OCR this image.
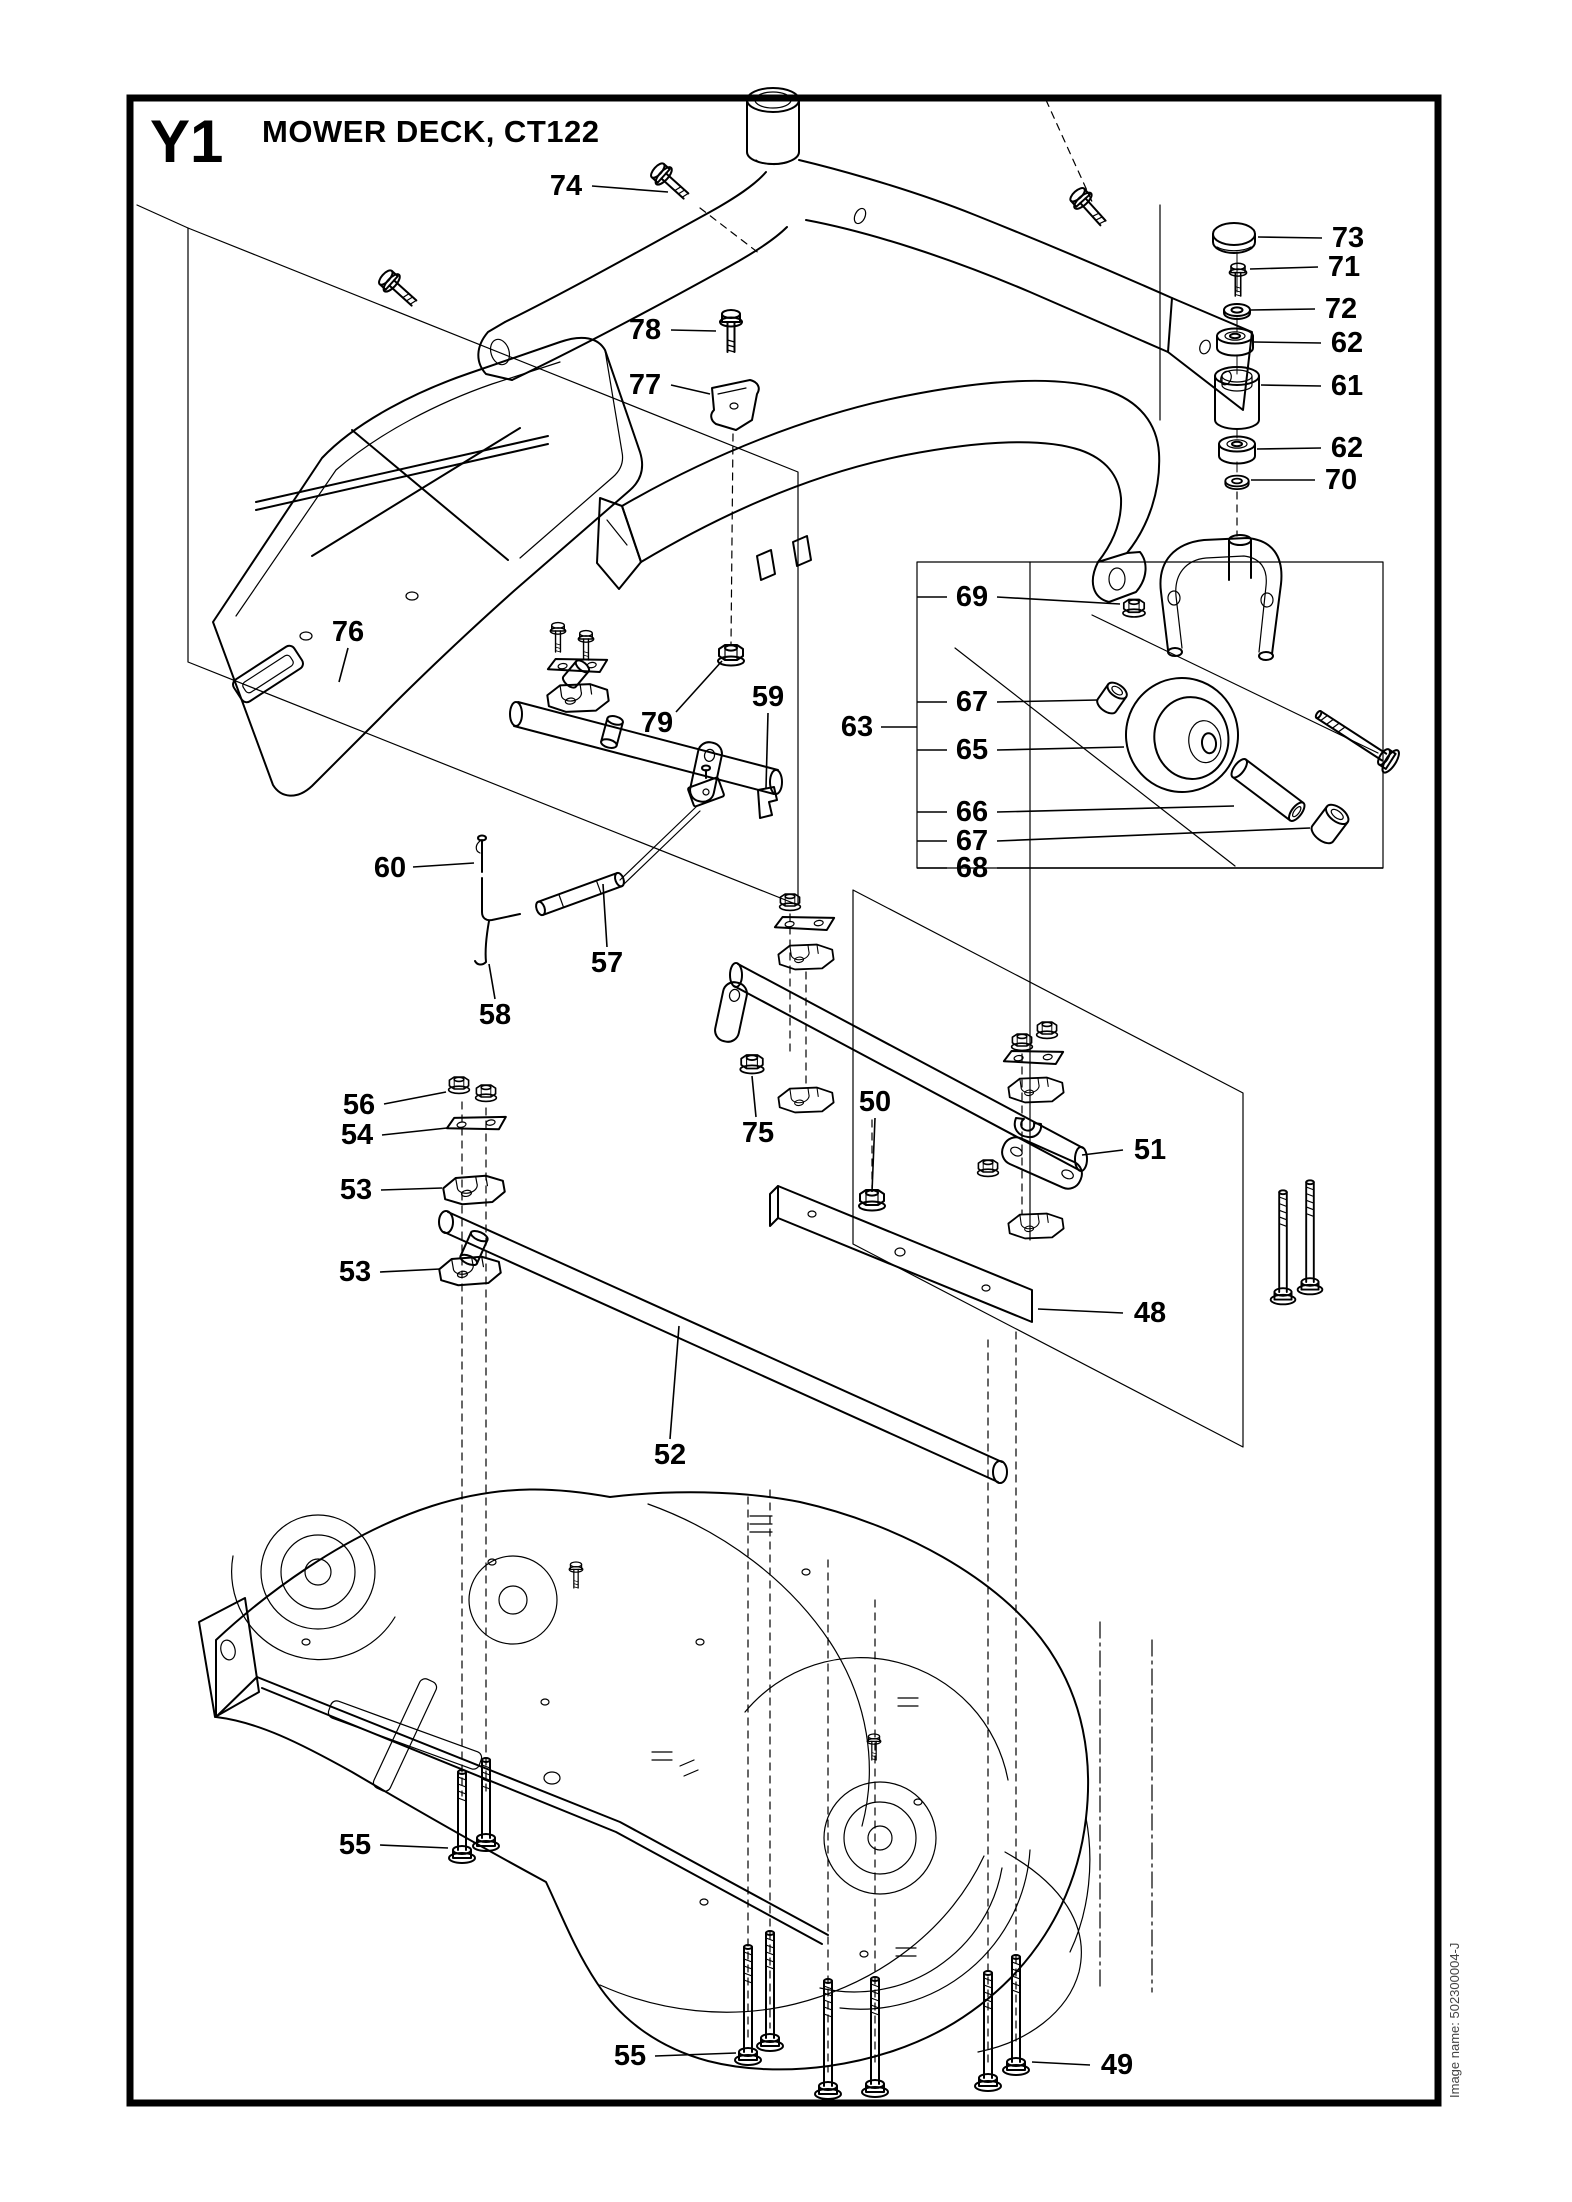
Y1 MOWER DECK, CT122
Image name: 502300004-J
74
73
71
72
62
61
62
70
78
77
76
79
59
63
69
67
65
66
67
68
60
57
58
56
54
53
53
75
50
51
48
52
55
55	49
